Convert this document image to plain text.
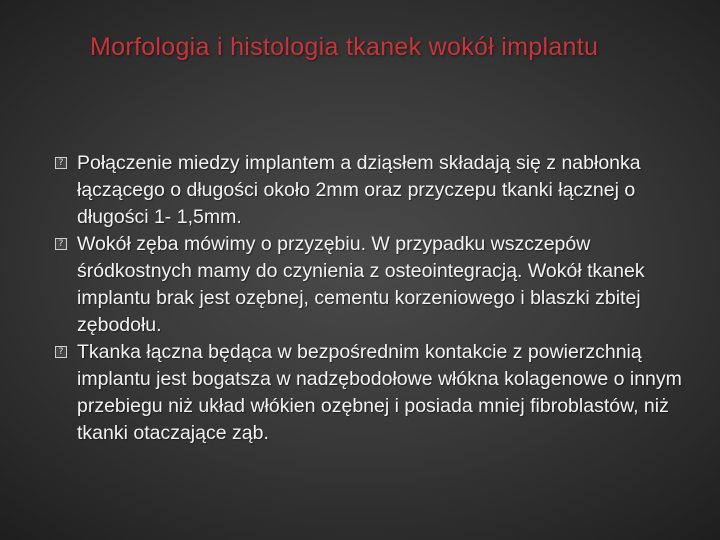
Morfologia i histologia tkanek wokół implantu
? Połączenie miedzy implantem a dziąsłem składają się z nabłonka łączącego o długości około 2mm oraz przyczepu tkanki łącznej o długości 1- 1,5mm.
? Wokół zęba mówimy o przyzębiu. W przypadku wszczepów śródkostnych mamy do czynienia z osteointegracją. Wokół tkanek implantu brak jest ozębnej, cementu korzeniowego i blaszki zbitej zębodołu.
? Tkanka łączna będąca w bezpośrednim kontakcie z powierzchnią implantu jest bogatsza w nadzębodołowe włókna kolagenowe o innym przebiegu niż układ włókien ozębnej i posiada mniej fibroblastów, niż tkanki otaczające ząb.
